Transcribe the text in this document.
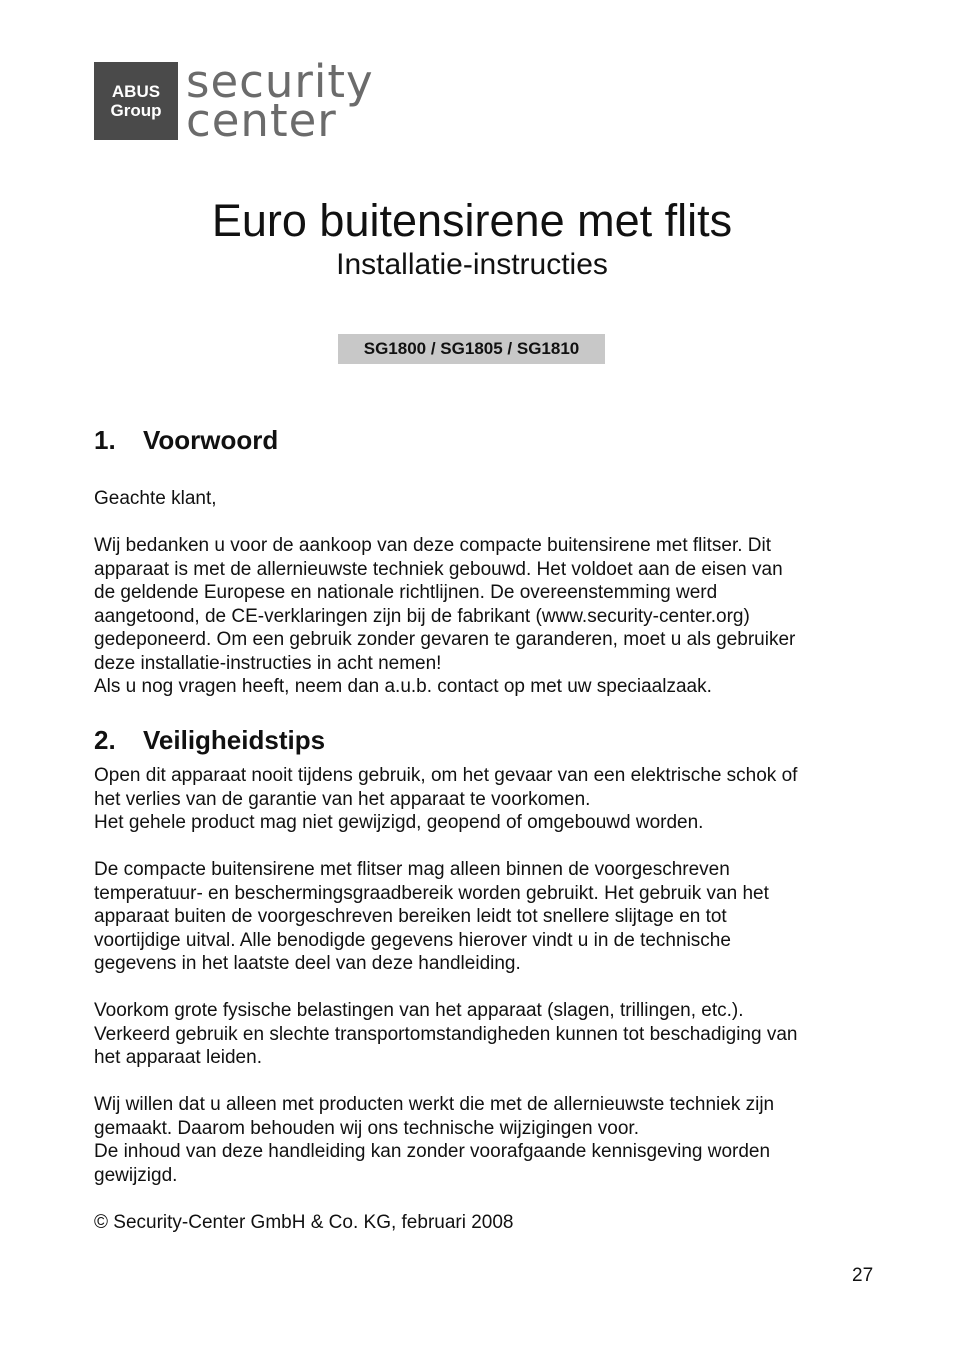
ABUS
Group
security
center
Euro buitensirene met flits

Installatie-instructies

SG1800 / SG1805 / SG1810
1.	Voorwoord

Geachte klant,

Wij bedanken u voor de aankoop van deze compacte buitensirene met flitser. Dit
apparaat is met de allernieuwste techniek gebouwd. Het voldoet aan de eisen van
de geldende Europese en nationale richtlijnen. De overeenstemming werd
aangetoond, de CE-verklaringen zijn bij de fabrikant (www.security-center.org)
gedeponeerd. Om een gebruik zonder gevaren te garanderen, moet u als gebruiker
deze installatie-instructies in acht nemen!
Als u nog vragen heeft, neem dan a.u.b. contact op met uw speciaalzaak.

2.	Veiligheidstips

Open dit apparaat nooit tijdens gebruik, om het gevaar van een elektrische schok of
het verlies van de garantie van het apparaat te voorkomen.
Het gehele product mag niet gewijzigd, geopend of omgebouwd worden.

De compacte buitensirene met flitser mag alleen binnen de voorgeschreven
temperatuur- en beschermingsgraadbereik worden gebruikt. Het gebruik van het
apparaat buiten de voorgeschreven bereiken leidt tot snellere slijtage en tot
voortijdige uitval. Alle benodigde gegevens hierover vindt u in de technische
gegevens in het laatste deel van deze handleiding.

Voorkom grote fysische belastingen van het apparaat (slagen, trillingen, etc.).
Verkeerd gebruik en slechte transportomstandigheden kunnen tot beschadiging van
het apparaat leiden.

Wij willen dat u alleen met producten werkt die met de allernieuwste techniek zijn
gemaakt. Daarom behouden wij ons technische wijzigingen voor.
De inhoud van deze handleiding kan zonder voorafgaande kennisgeving worden
gewijzigd.

© Security-Center GmbH & Co. KG, februari 2008

27
